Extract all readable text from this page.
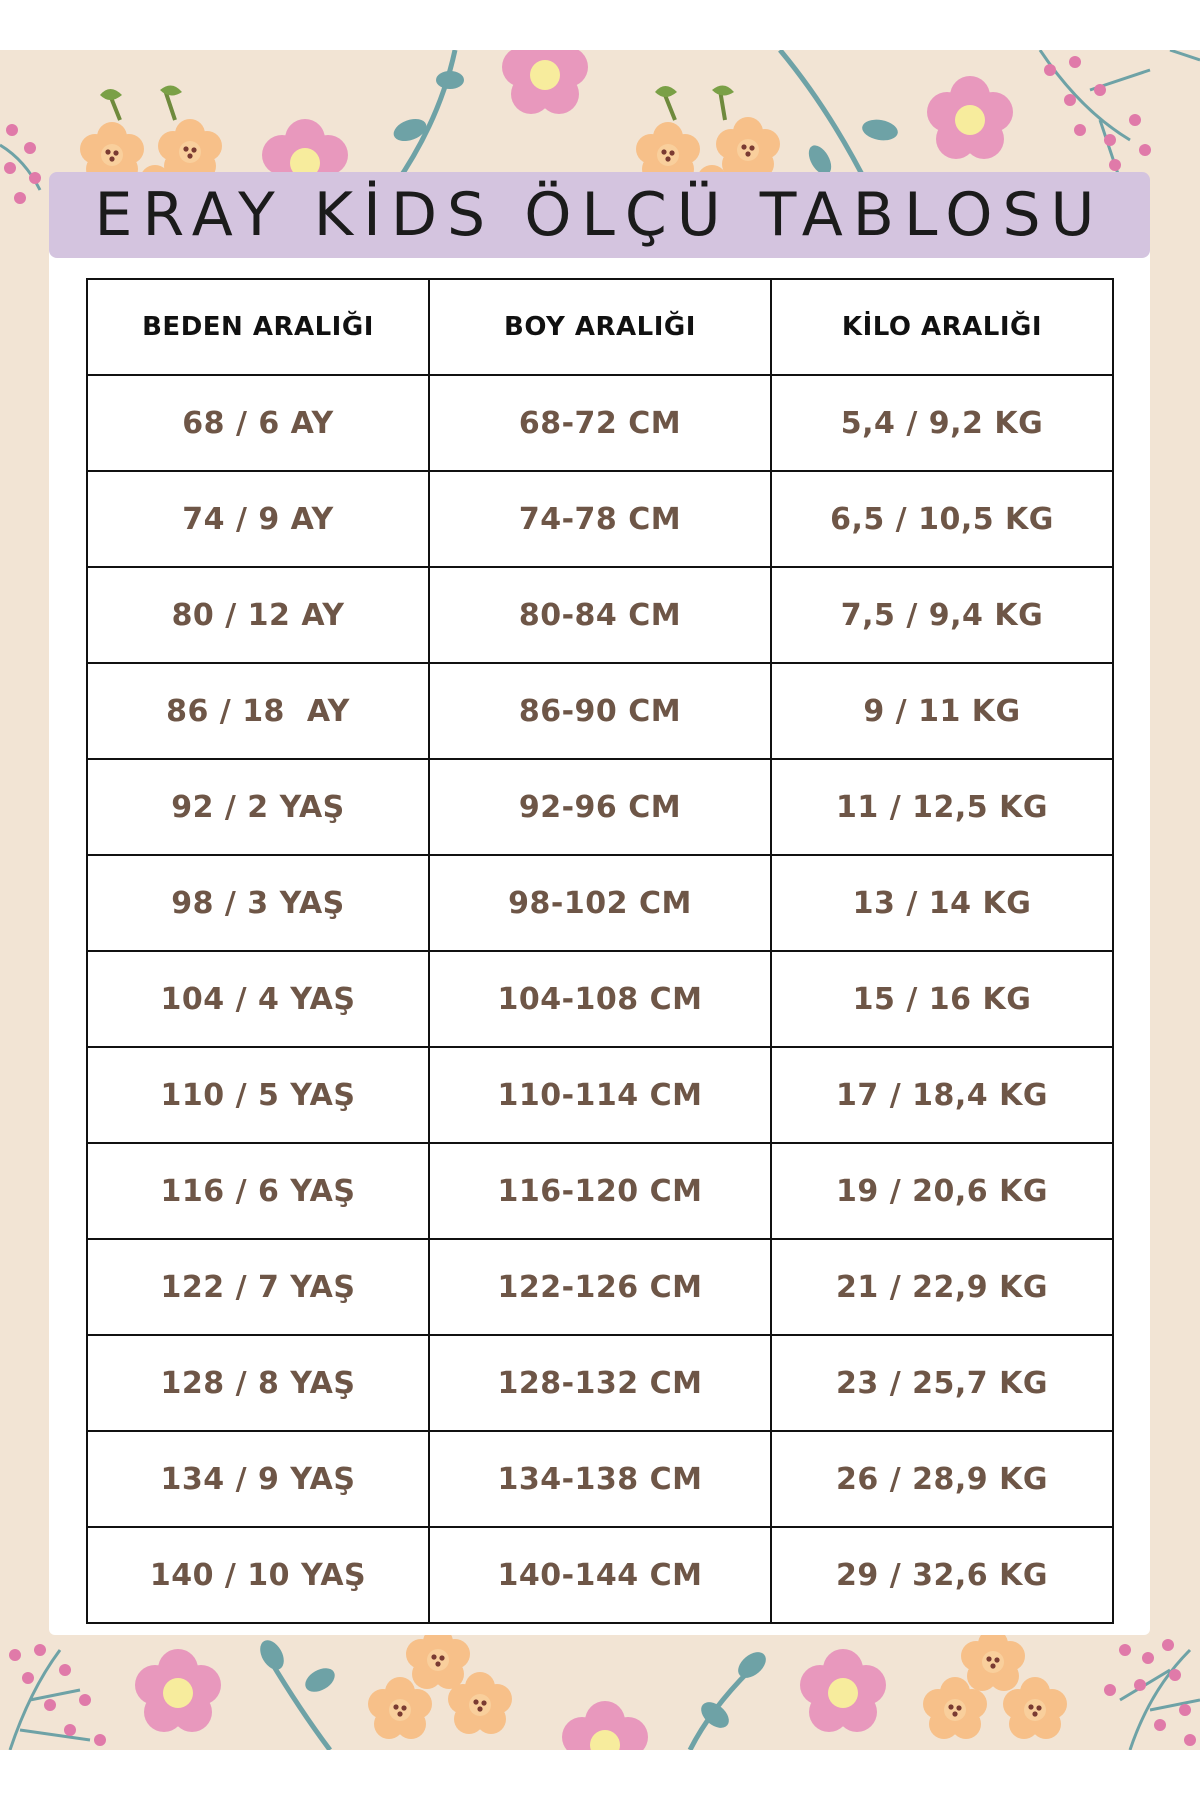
ERAY KİDS ÖLÇÜ TABLOSU
BEDEN ARALIĞI	BOY ARALIĞI	KİLO ARALIĞI
68 / 6 AY	68-72 CM	5,4 / 9,2 KG
74 / 9 AY	74-78 CM	6,5 / 10,5 KG
80 / 12 AY	80-84 CM	7,5 / 9,4 KG
86 / 18  AY	86-90 CM	9 / 11 KG
92 / 2 YAŞ	92-96 CM	11 / 12,5 KG
98 / 3 YAŞ	98-102 CM	13 / 14 KG
104 / 4 YAŞ	104-108 CM	15 / 16 KG
110 / 5 YAŞ	110-114 CM	17 / 18,4 KG
116 / 6 YAŞ	116-120 CM	19 / 20,6 KG
122 / 7 YAŞ	122-126 CM	21 / 22,9 KG
128 / 8 YAŞ	128-132 CM	23 / 25,7 KG
134 / 9 YAŞ	134-138 CM	26 / 28,9 KG
140 / 10 YAŞ	140-144 CM	29 / 32,6 KG
